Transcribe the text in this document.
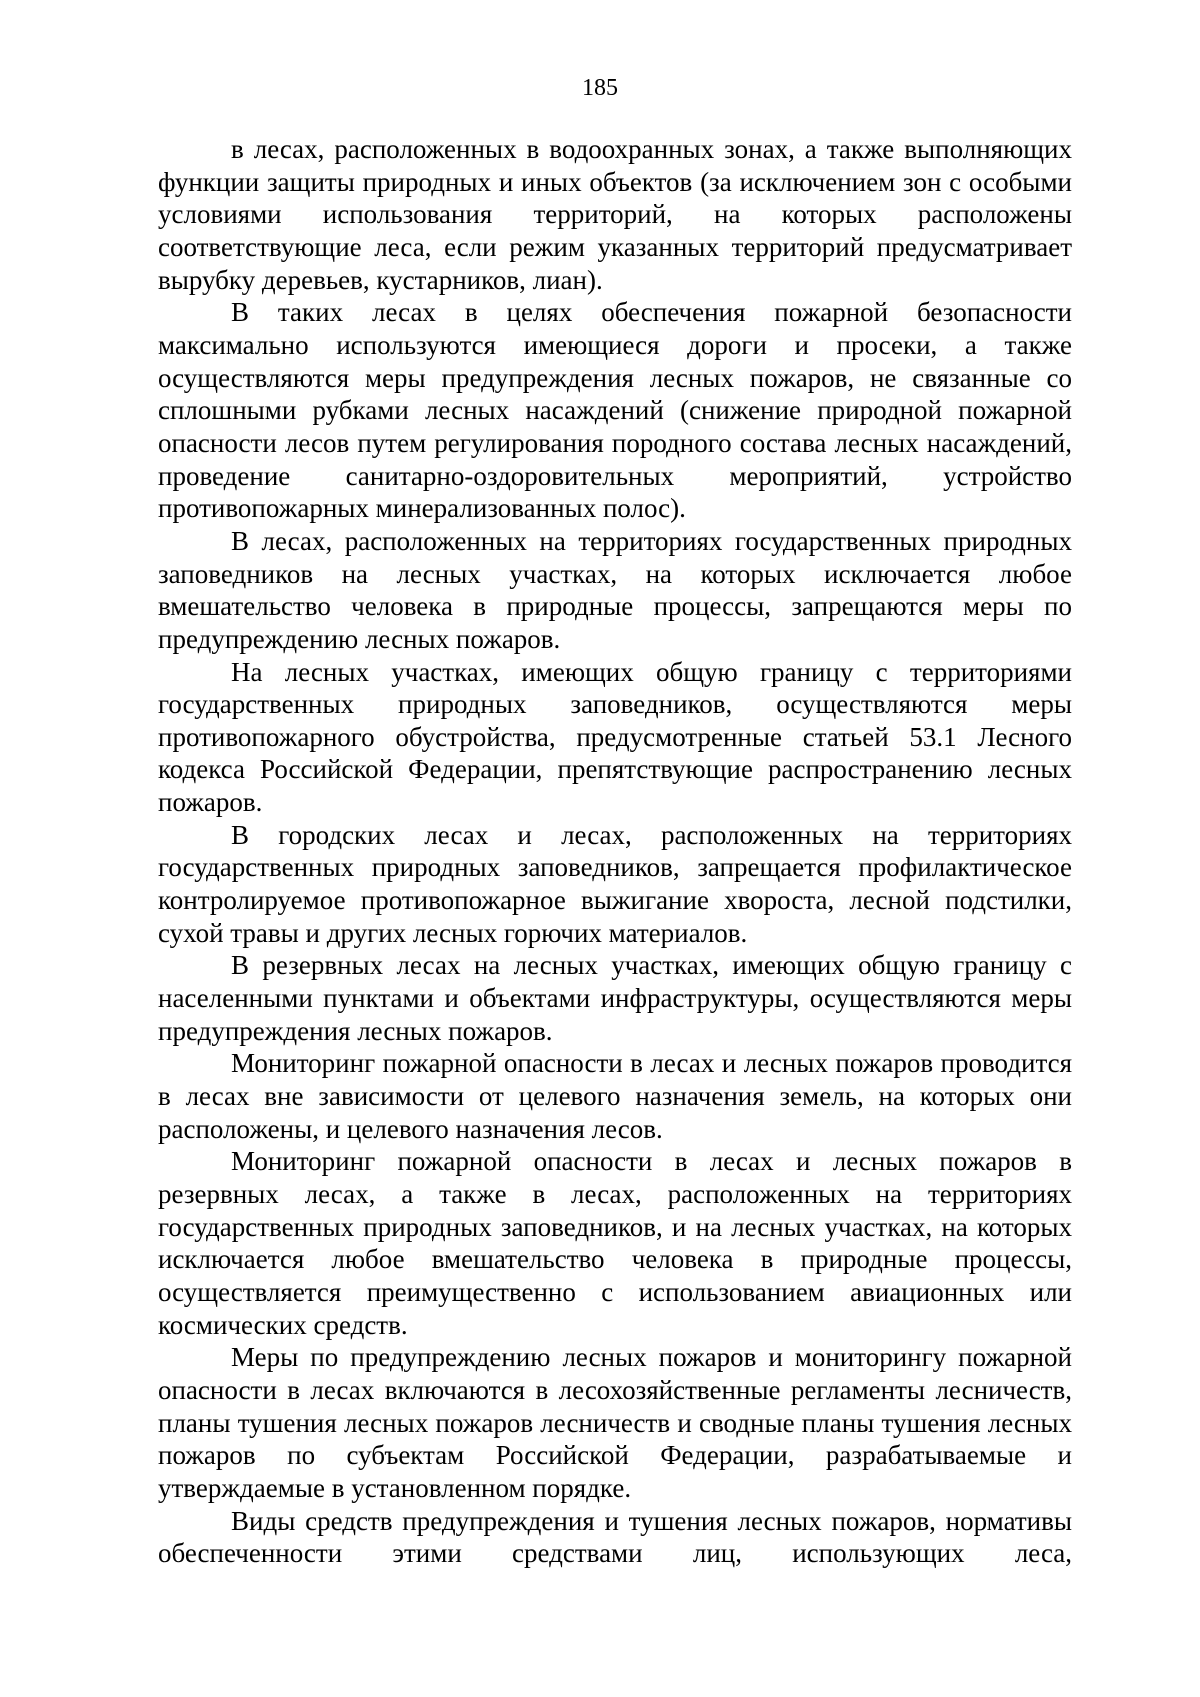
185

в лесах, расположенных в водоохранных зонах, а также выполняющих функции защиты природных и иных объектов (за исключением зон с особыми условиями использования территорий, на которых расположены соответствующие леса, если режим указанных территорий предусматривает вырубку деревьев, кустарников, лиан).

В таких лесах в целях обеспечения пожарной безопасности максимально используются имеющиеся дороги и просеки, а также осуществляются меры предупреждения лесных пожаров, не связанные со сплошными рубками лесных насаждений (снижение природной пожарной опасности лесов путем регулирования породного состава лесных насаждений, проведение санитарно-оздоровительных мероприятий, устройство противопожарных минерализованных полос).

В лесах, расположенных на территориях государственных природных заповедников на лесных участках, на которых исключается любое вмешательство человека в природные процессы, запрещаются меры по предупреждению лесных пожаров.

На лесных участках, имеющих общую границу с территориями государственных природных заповедников, осуществляются меры противопожарного обустройства, предусмотренные статьей 53.1 Лесного кодекса Российской Федерации, препятствующие распространению лесных пожаров.

В городских лесах и лесах, расположенных на территориях государственных природных заповедников, запрещается профилактическое контролируемое противопожарное выжигание хвороста, лесной подстилки, сухой травы и других лесных горючих материалов.

В резервных лесах на лесных участках, имеющих общую границу с населенными пунктами и объектами инфраструктуры, осуществляются меры предупреждения лесных пожаров.

Мониторинг пожарной опасности в лесах и лесных пожаров проводится в лесах вне зависимости от целевого назначения земель, на которых они расположены, и целевого назначения лесов.

Мониторинг пожарной опасности в лесах и лесных пожаров в резервных лесах, а также в лесах, расположенных на территориях государственных природных заповедников, и на лесных участках, на которых исключается любое вмешательство человека в природные процессы, осуществляется преимущественно с использованием авиационных или космических средств.

Меры по предупреждению лесных пожаров и мониторингу пожарной опасности в лесах включаются в лесохозяйственные регламенты лесничеств, планы тушения лесных пожаров лесничеств и сводные планы тушения лесных пожаров по субъектам Российской Федерации, разрабатываемые и утверждаемые в установленном порядке.

Виды средств предупреждения и тушения лесных пожаров, нормативы обеспеченности этими средствами лиц, использующих леса,
